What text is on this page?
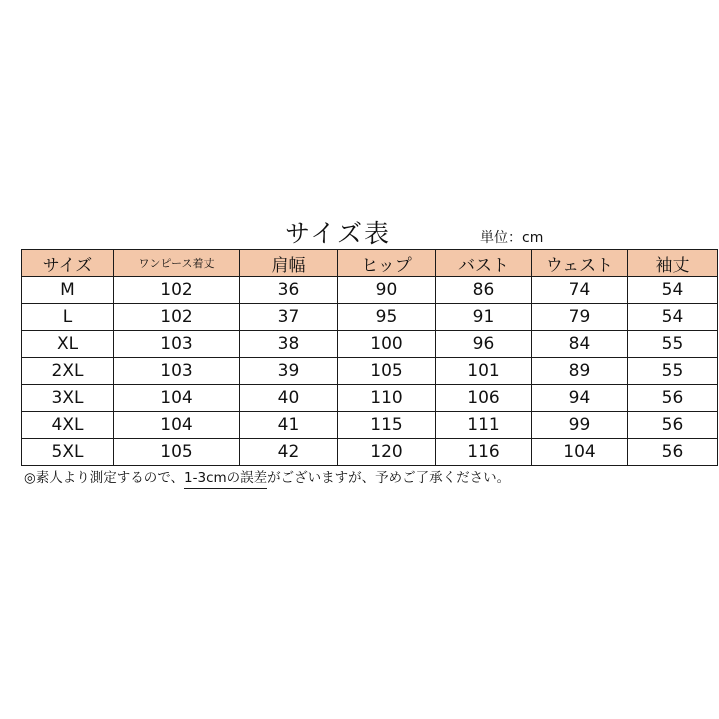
サイズ表	単位：cm
サイズ	ワンピース着丈	肩幅	ヒップ	バスト	ウェスト	袖丈
M	102	36	90	86	74	54
L	102	37	95	91	79	54
XL	103	38	100	96	84	55
2XL	103	39	105	101	89	55
3XL	104	40	110	106	94	56
4XL	104	41	115	111	99	56
5XL	105	42	120	116	104	56
◎素人より測定するので、1-3cmの誤差がございますが、予めご了承ください。
